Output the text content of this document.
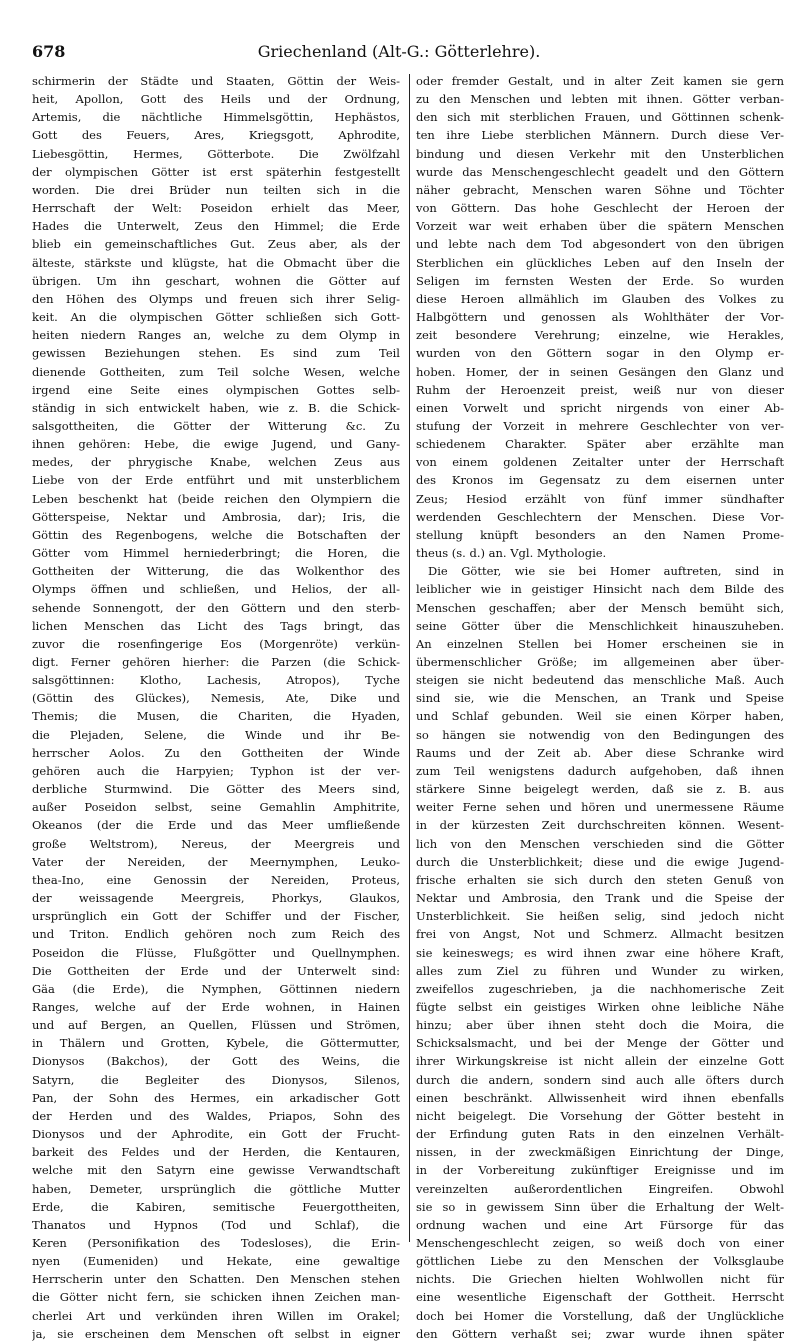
678	Griechenland (Alt-G.: Götterlehre).
schirmerin der Städte und Staaten, Göttin der Weis-
heit, Apollon, Gott des Heils und der Ordnung,
Artemis, die nächtliche Himmelsgöttin, Hephästos,
Gott des Feuers, Ares, Kriegsgott, Aphrodite,
Liebesgöttin, Hermes, Götterbote. Die Zwölfzahl
der olympischen Götter ist erst späterhin festgestellt
worden. Die drei Brüder nun teilten sich in die
Herrschaft der Welt: Poseidon erhielt das Meer,
Hades die Unterwelt, Zeus den Himmel; die Erde
blieb ein gemeinschaftliches Gut. Zeus aber, als der
älteste, stärkste und klügste, hat die Obmacht über die
übrigen. Um ihn geschart, wohnen die Götter auf
den Höhen des Olymps und freuen sich ihrer Selig-
keit. An die olympischen Götter schließen sich Gott-
heiten niedern Ranges an, welche zu dem Olymp in
gewissen Beziehungen stehen. Es sind zum Teil
dienende Gottheiten, zum Teil solche Wesen, welche
irgend eine Seite eines olympischen Gottes selb-
ständig in sich entwickelt haben, wie z. B. die Schick-
salsgottheiten, die Götter der Witterung &c. Zu
ihnen gehören: Hebe, die ewige Jugend, und Gany-
medes, der phrygische Knabe, welchen Zeus aus
Liebe von der Erde entführt und mit unsterblichem
Leben beschenkt hat (beide reichen den Olympiern die
Götterspeise, Nektar und Ambrosia, dar); Iris, die
Göttin des Regenbogens, welche die Botschaften der
Götter vom Himmel herniederbringt; die Horen, die
Gottheiten der Witterung, die das Wolkenthor des
Olymps öffnen und schließen, und Helios, der all-
sehende Sonnengott, der den Göttern und den sterb-
lichen Menschen das Licht des Tags bringt, das
zuvor die rosenfingerige Eos (Morgenröte) verkün-
digt. Ferner gehören hierher: die Parzen (die Schick-
salsgöttinnen: Klotho, Lachesis, Atropos), Tyche
(Göttin des Glückes), Nemesis, Ate, Dike und
Themis; die Musen, die Chariten, die Hyaden,
die Plejaden, Selene, die Winde und ihr Be-
herrscher Aolos. Zu den Gottheiten der Winde
gehören auch die Harpyien; Typhon ist der ver-
derbliche Sturmwind. Die Götter des Meers sind,
außer Poseidon selbst, seine Gemahlin Amphitrite,
Okeanos (der die Erde und das Meer umfließende
große Weltstrom), Nereus, der Meergreis und
Vater der Nereiden, der Meernymphen, Leuko-
thea-Ino, eine Genossin der Nereiden, Proteus,
der weissagende Meergreis, Phorkys, Glaukos,
ursprünglich ein Gott der Schiffer und der Fischer,
und Triton. Endlich gehören noch zum Reich des
Poseidon die Flüsse, Flußgötter und Quellnymphen.
Die Gottheiten der Erde und der Unterwelt sind:
Gäa (die Erde), die Nymphen, Göttinnen niedern
Ranges, welche auf der Erde wohnen, in Hainen
und auf Bergen, an Quellen, Flüssen und Strömen,
in Thälern und Grotten, Kybele, die Göttermutter,
Dionysos (Bakchos), der Gott des Weins, die
Satyrn, die Begleiter des Dionysos, Silenos,
Pan, der Sohn des Hermes, ein arkadischer Gott
der Herden und des Waldes, Priapos, Sohn des
Dionysos und der Aphrodite, ein Gott der Frucht-
barkeit des Feldes und der Herden, die Kentauren,
welche mit den Satyrn eine gewisse Verwandtschaft
haben, Demeter, ursprünglich die göttliche Mutter
Erde, die Kabiren, semitische Feuergottheiten,
Thanatos und Hypnos (Tod und Schlaf), die
Keren (Personifikation des Todesloses), die Erin-
nyen (Eumeniden) und Hekate, eine gewaltige
Herrscherin unter den Schatten. Den Menschen stehen
die Götter nicht fern, sie schicken ihnen Zeichen man-
cherlei Art und verkünden ihren Willen im Orakel;
ja, sie erscheinen dem Menschen oft selbst in eigner
oder fremder Gestalt, und in alter Zeit kamen sie gern
zu den Menschen und lebten mit ihnen. Götter verban-
den sich mit sterblichen Frauen, und Göttinnen schenk-
ten ihre Liebe sterblichen Männern. Durch diese Ver-
bindung und diesen Verkehr mit den Unsterblichen
wurde das Menschengeschlecht geadelt und den Göttern
näher gebracht, Menschen waren Söhne und Töchter
von Göttern. Das hohe Geschlecht der Heroen der
Vorzeit war weit erhaben über die spätern Menschen
und lebte nach dem Tod abgesondert von den übrigen
Sterblichen ein glückliches Leben auf den Inseln der
Seligen im fernsten Westen der Erde. So wurden
diese Heroen allmählich im Glauben des Volkes zu
Halbgöttern und genossen als Wohlthäter der Vor-
zeit besondere Verehrung; einzelne, wie Herakles,
wurden von den Göttern sogar in den Olymp er-
hoben. Homer, der in seinen Gesängen den Glanz und
Ruhm der Heroenzeit preist, weiß nur von dieser
einen Vorwelt und spricht nirgends von einer Ab-
stufung der Vorzeit in mehrere Geschlechter von ver-
schiedenem Charakter. Später aber erzählte man
von einem goldenen Zeitalter unter der Herrschaft
des Kronos im Gegensatz zu dem eisernen unter
Zeus; Hesiod erzählt von fünf immer sündhafter
werdenden Geschlechtern der Menschen. Diese Vor-
stellung knüpft besonders an den Namen Prome-
theus (s. d.) an. Vgl. Mythologie.
Die Götter, wie sie bei Homer auftreten, sind in
leiblicher wie in geistiger Hinsicht nach dem Bilde des
Menschen geschaffen; aber der Mensch bemüht sich,
seine Götter über die Menschlichkeit hinauszuheben.
An einzelnen Stellen bei Homer erscheinen sie in
übermenschlicher Größe; im allgemeinen aber über-
steigen sie nicht bedeutend das menschliche Maß. Auch
sind sie, wie die Menschen, an Trank und Speise
und Schlaf gebunden. Weil sie einen Körper haben,
so hängen sie notwendig von den Bedingungen des
Raums und der Zeit ab. Aber diese Schranke wird
zum Teil wenigstens dadurch aufgehoben, daß ihnen
stärkere Sinne beigelegt werden, daß sie z. B. aus
weiter Ferne sehen und hören und unermessene Räume
in der kürzesten Zeit durchschreiten können. Wesent-
lich von den Menschen verschieden sind die Götter
durch die Unsterblichkeit; diese und die ewige Jugend-
frische erhalten sie sich durch den steten Genuß von
Nektar und Ambrosia, den Trank und die Speise der
Unsterblichkeit. Sie heißen selig, sind jedoch nicht
frei von Angst, Not und Schmerz. Allmacht besitzen
sie keineswegs; es wird ihnen zwar eine höhere Kraft,
alles zum Ziel zu führen und Wunder zu wirken,
zweifellos zugeschrieben, ja die nachhomerische Zeit
fügte selbst ein geistiges Wirken ohne leibliche Nähe
hinzu; aber über ihnen steht doch die Moira, die
Schicksalsmacht, und bei der Menge der Götter und
ihrer Wirkungskreise ist nicht allein der einzelne Gott
durch die andern, sondern sind auch alle öfters durch
einen beschränkt. Allwissenheit wird ihnen ebenfalls
nicht beigelegt. Die Vorsehung der Götter besteht in
der Erfindung guten Rats in den einzelnen Verhält-
nissen, in der zweckmäßigen Einrichtung der Dinge,
in der Vorbereitung zukünftiger Ereignisse und im
vereinzelten außerordentlichen Eingreifen. Obwohl
sie so in gewissem Sinn über die Erhaltung der Welt-
ordnung wachen und eine Art Fürsorge für das
Menschengeschlecht zeigen, so weiß doch von einer
göttlichen Liebe zu den Menschen der Volksglaube
nichts. Die Griechen hielten Wohlwollen nicht für
eine wesentliche Eigenschaft der Gottheit. Herrscht
doch bei Homer die Vorstellung, daß der Unglückliche
den Göttern verhaßt sei; zwar wurde ihnen später
